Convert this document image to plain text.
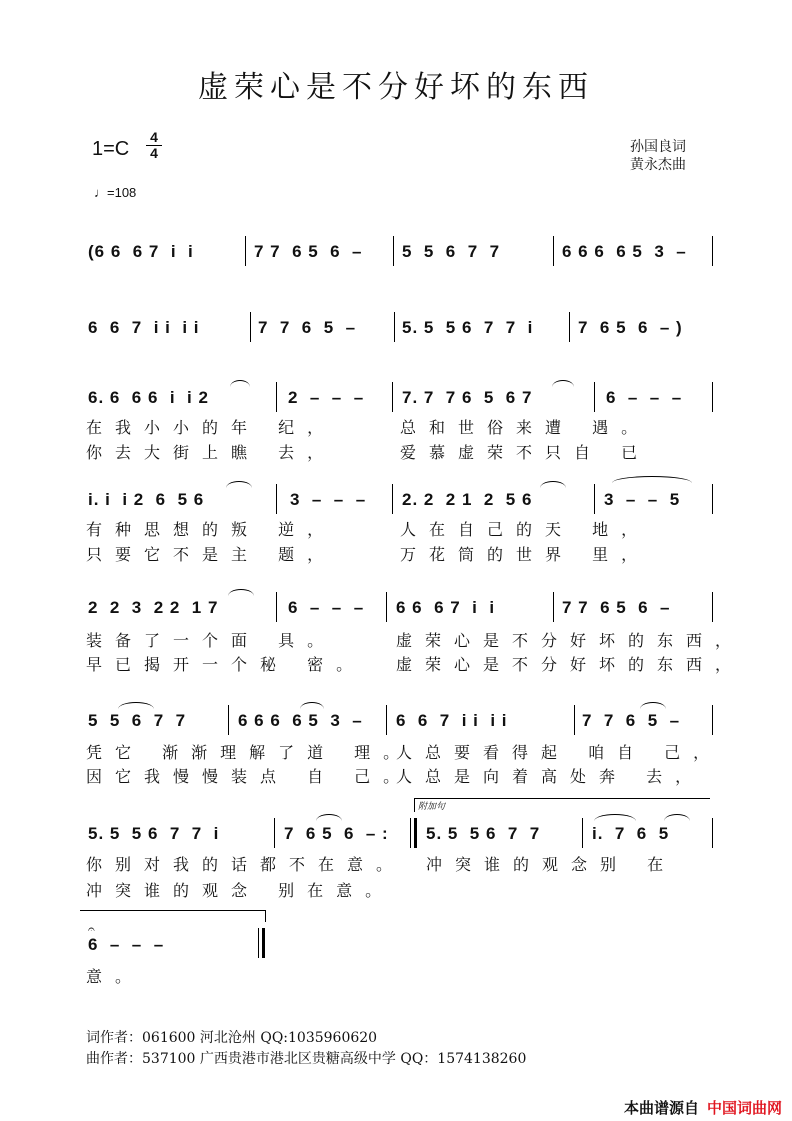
虚荣心是不分好坏的东西
1=C
4
4	孙国良词
黄永杰曲
♩=108
(6 6  6 7  i  i	7 7  6 5  6  – 5  5  6  7  7	6 6 6  6 5  3  –
6  6  7  i i  i i	7  7  6  5  –	5. 5  5 6  7  7  i	7  6 5  6  – )
6. 6  6 6  i  i 2	2  –  –  – 7. 7  7 6  5  6 7	6  –  –  –
在我小小的年 纪，	总和世俗来遭 遇。
你去大街上瞧 去，	爱慕虚荣不只自 已
i. i  i 2  6  5 6	3  –  –  – 2. 2  2 1  2  5 6	3  –  –  5
有种思想的叛 逆，	人在自己的天 地，
只要它不是主 题，	万花筒的世界 里，
2  2  3  2 2  1 7	6  –  –  – 6 6  6 7  i  i	7 7  6 5  6  –
装备了一个面 具。	虚荣心是不分好坏的东西，
早已揭开一个秘 密。 虚荣心是不分好坏的东西，
5  5  6  7  7	6 6 6  6 5  3  – 6  6  7  i i  i i	7  7  6  5  –
凭它 渐渐理解了道 理。
人总要看得起 咱自 己，
因它我慢慢装点 自 己。
人总是向着高处奔 去，
附加句
5. 5  5 6  7  7  i	7  6 5  6  – : 5. 5  5 6  7  7	i.  7  6  5
你别对我的话都不在意。 冲突谁的观念别 在
冲突谁的观念 别在意。
𝄐
6  –  –  –
意。
词作者：061600 河北沧州 QQ:1035960620
曲作者：537100 广西贵港市港北区贵糖高级中学 QQ：1574138260
本曲谱源自 中国词曲网
